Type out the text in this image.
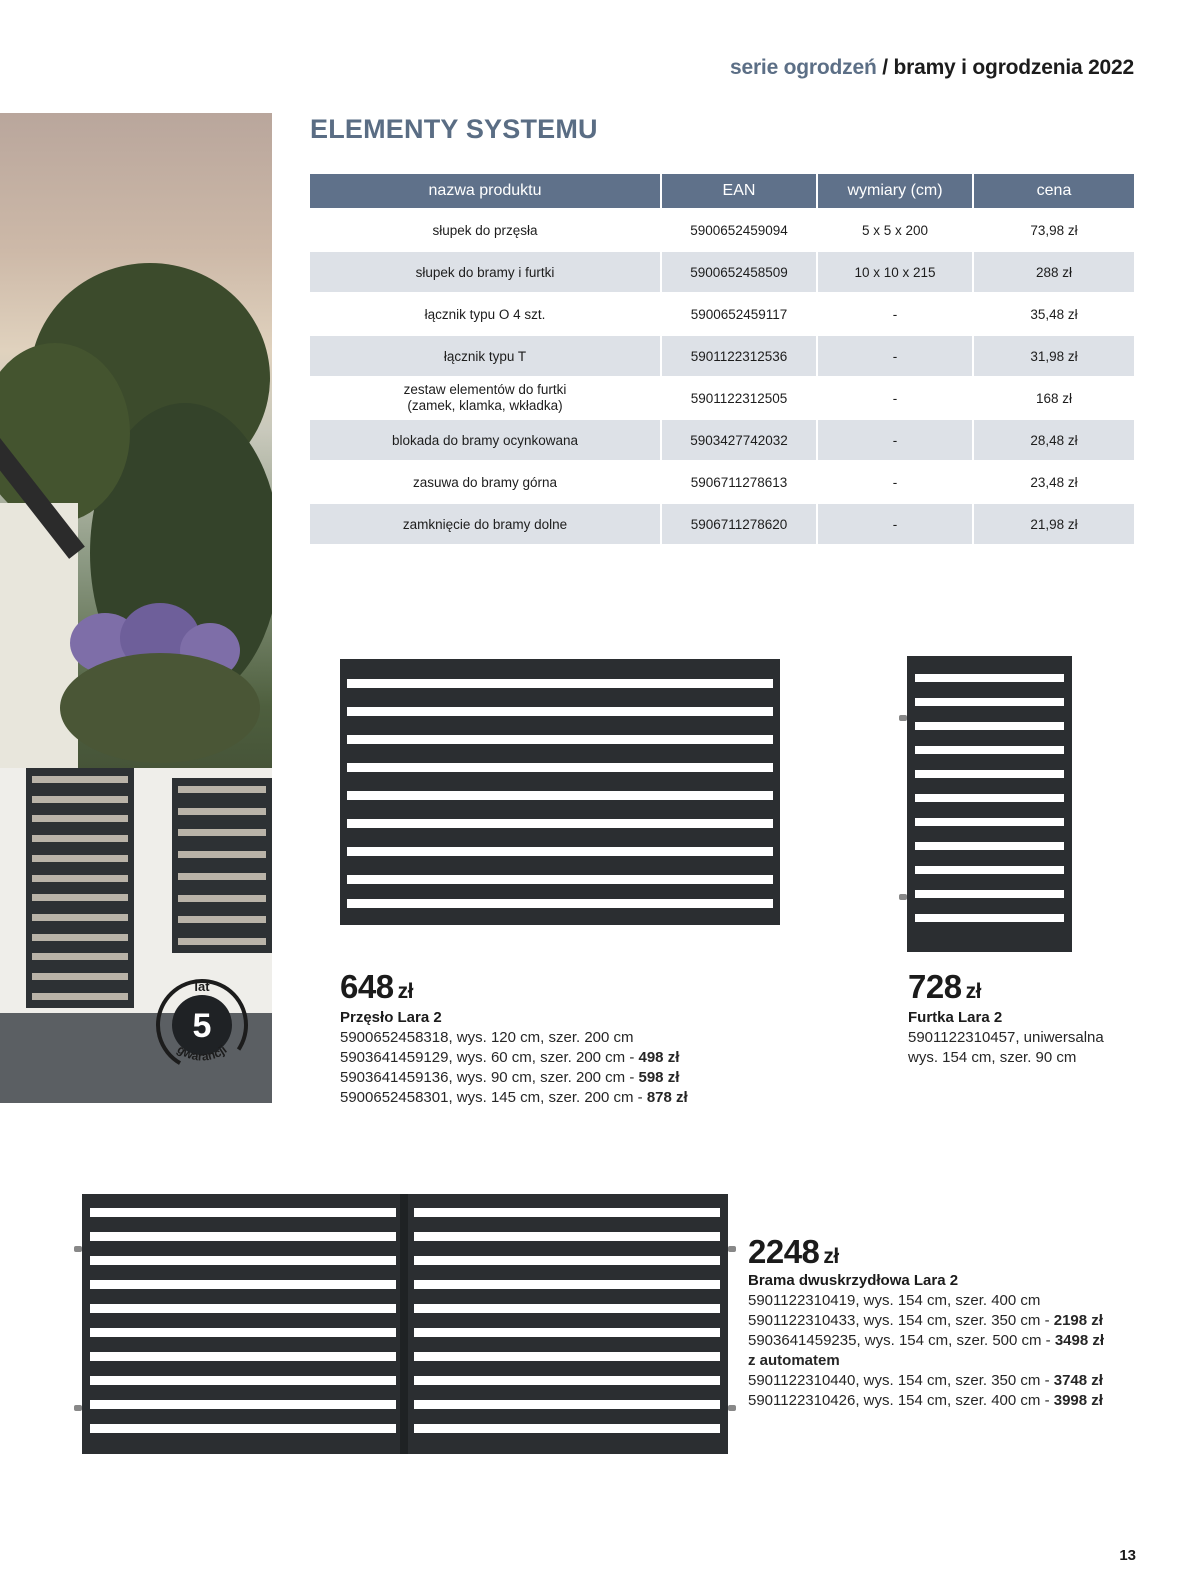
serie ogrodzeń / bramy i ogrodzenia 2022
ELEMENTY SYSTEMU
5
lat
gwarancji
nazwa produktu	EAN	wymiary (cm)	cena
słupek do przęsła	5900652459094	5 x 5 x 200	73,98 zł
słupek do bramy i furtki	5900652458509	10 x 10 x 215	288 zł
łącznik typu O 4 szt.	5900652459117	-	35,48 zł
łącznik typu T	5901122312536	-	31,98 zł

zestaw elementów do furtki
(zamek, klamka, wkładka)	5901122312505	-	168 zł
blokada do bramy ocynkowana	5903427742032	-	28,48 zł
zasuwa do bramy górna	5906711278613	-	23,48 zł
zamknięcie do bramy dolne	5906711278620	-	21,98 zł
648 zł
Przęsło Lara 2
5900652458318, wys. 120 cm, szer. 200 cm
5903641459129, wys. 60 cm, szer. 200 cm - 498 zł
5903641459136, wys. 90 cm, szer. 200 cm - 598 zł
5900652458301, wys. 145 cm, szer. 200 cm - 878 zł
728 zł
Furtka Lara 2
5901122310457, uniwersalna
wys. 154 cm, szer. 90 cm
2248 zł
Brama dwuskrzydłowa Lara 2
5901122310419, wys. 154 cm, szer. 400 cm
5901122310433, wys. 154 cm, szer. 350 cm - 2198 zł
5903641459235, wys. 154 cm, szer. 500 cm - 3498 zł
z automatem
5901122310440, wys. 154 cm, szer. 350 cm - 3748 zł
5901122310426, wys. 154 cm, szer. 400 cm - 3998 zł
13
